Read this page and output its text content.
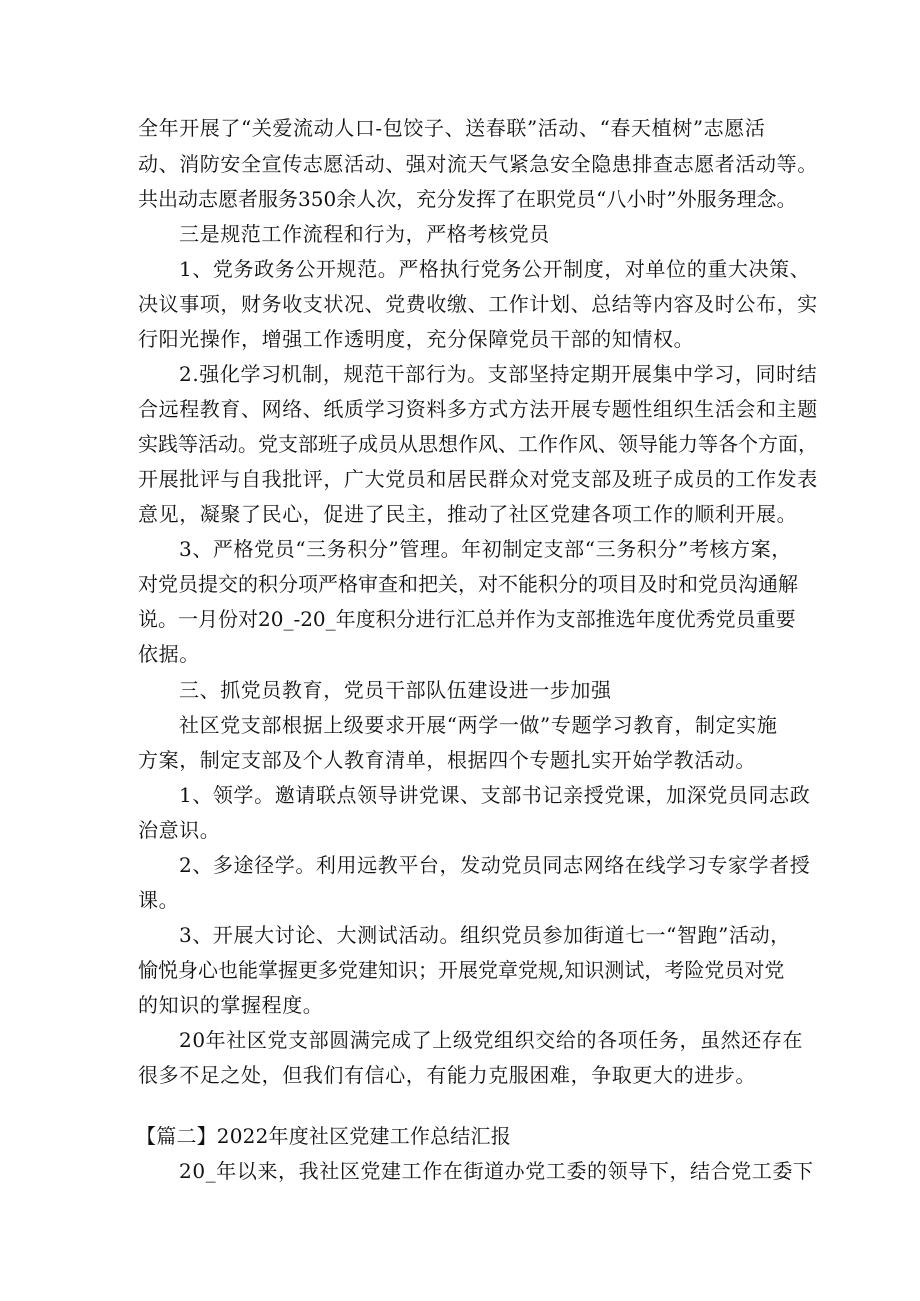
全年开展了“关爱流动人口-包饺子、送春联”活动、“春天植树”志愿活
动、消防安全宣传志愿活动、强对流天气紧急安全隐患排查志愿者活动等。
共出动志愿者服务350余人次，充分发挥了在职党员“八小时”外服务理念。
三是规范工作流程和行为，严格考核党员
1、党务政务公开规范。严格执行党务公开制度，对单位的重大决策、
决议事项，财务收支状况、党费收缴、工作计划、总结等内容及时公布，实
行阳光操作，增强工作透明度，充分保障党员干部的知情权。
2.强化学习机制，规范干部行为。支部坚持定期开展集中学习，同时结
合远程教育、网络、纸质学习资料多方式方法开展专题性组织生活会和主题
实践等活动。党支部班子成员从思想作风、工作作风、领导能力等各个方面，
开展批评与自我批评，广大党员和居民群众对党支部及班子成员的工作发表
意见，凝聚了民心，促进了民主，推动了社区党建各项工作的顺利开展。
3、严格党员“三务积分”管理。年初制定支部“三务积分”考核方案，
对党员提交的积分项严格审查和把关，对不能积分的项目及时和党员沟通解
说。一月份对20_-20_年度积分进行汇总并作为支部推选年度优秀党员重要
依据。
三、抓党员教育，党员干部队伍建设进一步加强
社区党支部根据上级要求开展“两学一做”专题学习教育，制定实施
方案，制定支部及个人教育清单，根据四个专题扎实开始学教活动。
1、领学。邀请联点领导讲党课、支部书记亲授党课，加深党员同志政
治意识。
2、多途径学。利用远教平台，发动党员同志网络在线学习专家学者授
课。
3、开展大讨论、大测试活动。组织党员参加街道七一“智跑”活动，
愉悦身心也能掌握更多党建知识；开展党章党规,知识测试，考险党员对党
的知识的掌握程度。
20年社区党支部圆满完成了上级党组织交给的各项任务，虽然还存在
很多不足之处，但我们有信心，有能力克服困难，争取更大的进步。
【篇二】2022年度社区党建工作总结汇报
20_年以来，我社区党建工作在街道办党工委的领导下，结合党工委下
